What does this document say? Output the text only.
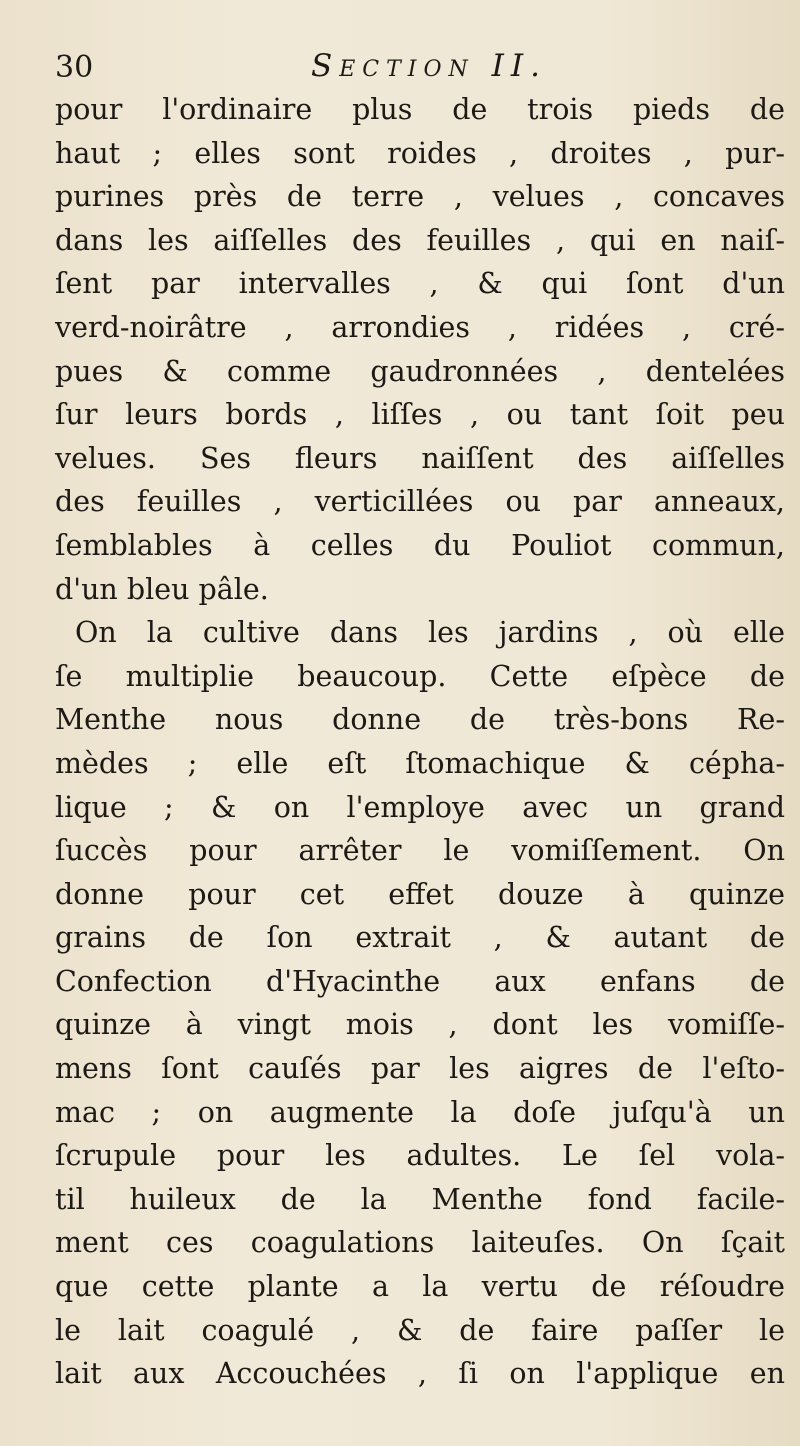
30	Section II.
pour l'ordinaire plus de trois pieds de
haut ; elles sont roides , droites , pur-
purines près de terre , velues , concaves
dans les aiſſelles des feuilles , qui en naiſ-
ſent par intervalles , & qui ſont d'un
verd-noirâtre , arrondies , ridées , cré-
pues & comme gaudronnées , dentelées
ſur leurs bords , liſſes , ou tant ſoit peu
velues. Ses fleurs naiſſent des aiſſelles
des feuilles , verticillées ou par anneaux,
ſemblables à celles du Pouliot commun,
d'un bleu pâle.
On la cultive dans les jardins , où elle
ſe multiplie beaucoup. Cette eſpèce de
Menthe nous donne de très-bons Re-
mèdes ; elle eſt ſtomachique & cépha-
lique ; & on l'employe avec un grand
ſuccès pour arrêter le vomiſſement. On
donne pour cet effet douze à quinze
grains de ſon extrait , & autant de
Confection d'Hyacinthe aux enfans de
quinze à vingt mois , dont les vomiſſe-
mens ſont cauſés par les aigres de l'eſto-
mac ; on augmente la doſe juſqu'à un
ſcrupule pour les adultes. Le ſel vola-
til huileux de la Menthe fond facile-
ment ces coagulations laiteuſes. On ſçait
que cette plante a la vertu de réſoudre
le lait coagulé , & de faire paſſer le
lait aux Accouchées , ſi on l'applique en
